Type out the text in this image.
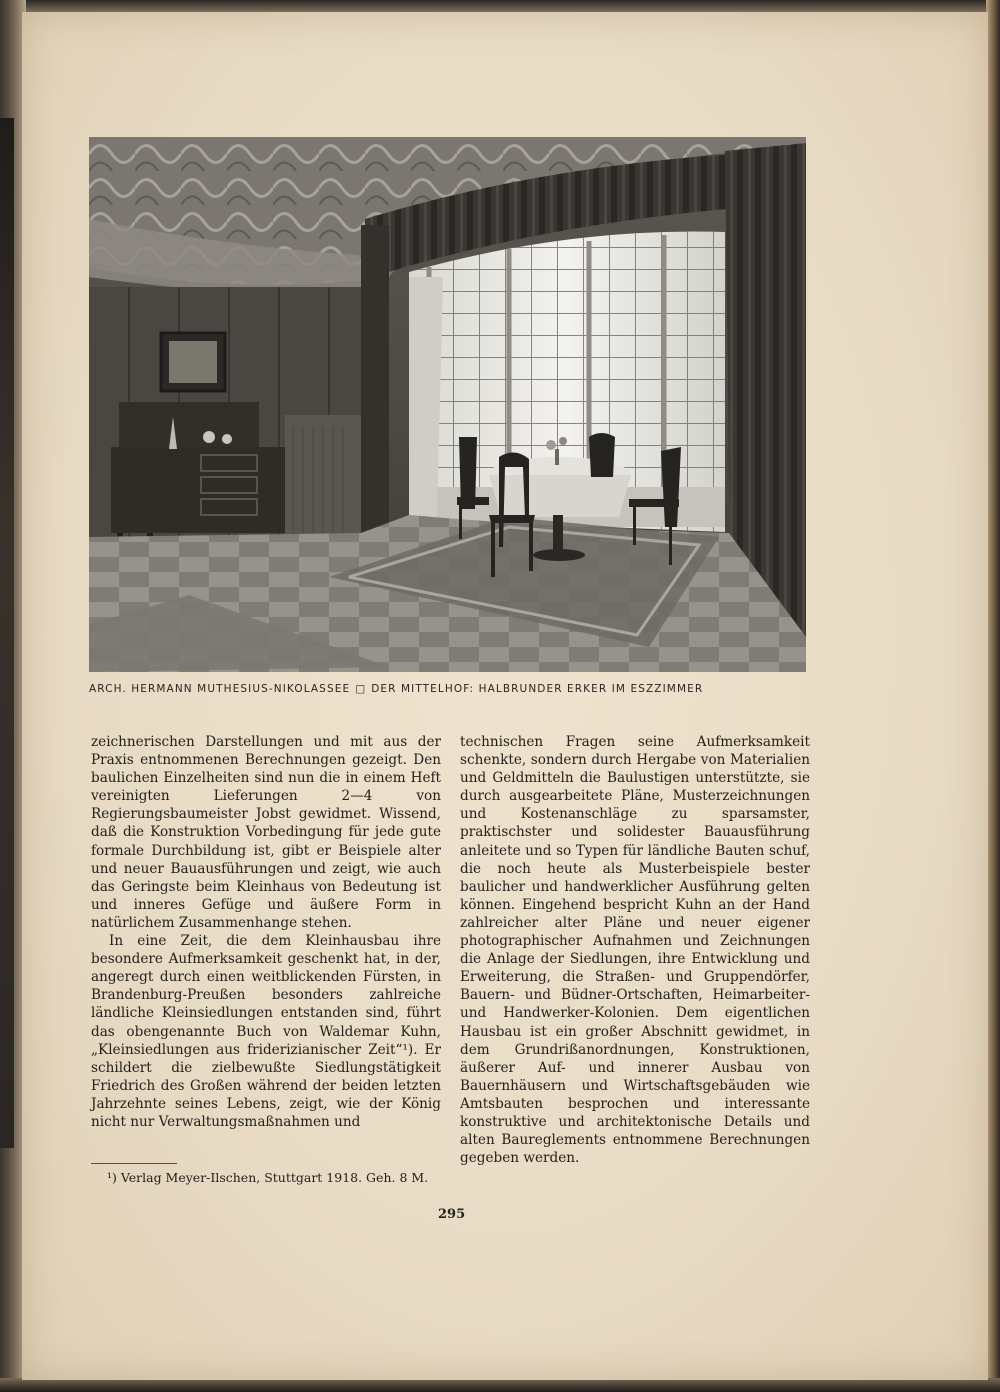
ARCH. HERMANN MUTHESIUS-NIKOLASSEE □ DER MITTELHOF: HALBRUNDER ERKER IM ESZZIMMER

zeichnerischen Darstellungen und mit aus der Praxis entnommenen Berechnungen gezeigt. Den baulichen Einzelheiten sind nun die in einem Heft vereinigten Lieferungen 2—4 von Regierungsbaumeister Jobst gewidmet. Wissend, daß die Konstruktion Vorbedingung für jede gute formale Durchbildung ist, gibt er Beispiele alter und neuer Bauausführungen und zeigt, wie auch das Geringste beim Kleinhaus von Bedeutung ist und inneres Gefüge und äußere Form in natürlichem Zusammenhange stehen.

In eine Zeit, die dem Kleinhausbau ihre besondere Aufmerksamkeit geschenkt hat, in der, angeregt durch einen weitblickenden Fürsten, in Brandenburg-Preußen besonders zahlreiche ländliche Kleinsiedlungen entstanden sind, führt das obengenannte Buch von Waldemar Kuhn, „Kleinsiedlungen aus friderizianischer Zeit“¹). Er schildert die zielbewußte Siedlungstätigkeit Friedrich des Großen während der beiden letzten Jahrzehnte seines Lebens, zeigt, wie der König nicht nur Verwaltungsmaßnahmen und

technischen Fragen seine Aufmerksamkeit schenkte, sondern durch Hergabe von Materialien und Geldmitteln die Baulustigen unterstützte, sie durch ausgearbeitete Pläne, Musterzeichnungen und Kostenanschläge zu sparsamster, praktischster und solidester Bauausführung anleitete und so Typen für ländliche Bauten schuf, die noch heute als Musterbeispiele bester baulicher und handwerklicher Ausführung gelten können. Eingehend bespricht Kuhn an der Hand zahlreicher alter Pläne und neuer eigener photographischer Aufnahmen und Zeichnungen die Anlage der Siedlungen, ihre Entwicklung und Erweiterung, die Straßen- und Gruppendörfer, Bauern- und Büdner-Ortschaften, Heimarbeiter- und Handwerker-Kolonien. Dem eigentlichen Hausbau ist ein großer Abschnitt gewidmet, in dem Grundrißanordnungen, Konstruktionen, äußerer Auf- und innerer Ausbau von Bauernhäusern und Wirtschaftsgebäuden wie Amtsbauten besprochen und interessante konstruktive und architektonische Details und alten Baureglements entnommene Berechnungen gegeben werden.

¹) Verlag Meyer-Ilschen, Stuttgart 1918. Geh. 8 M.
295
